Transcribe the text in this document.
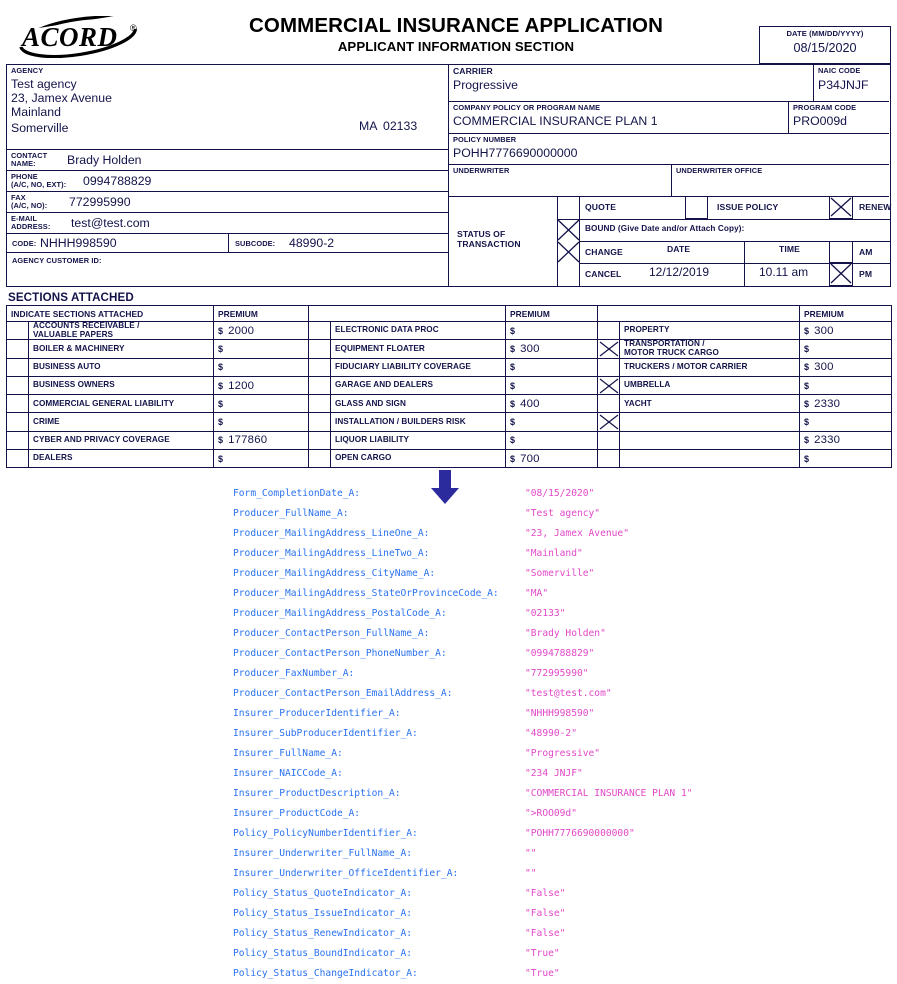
ACORD ®	COMMERCIAL INSURANCE APPLICATION
APPLICANT INFORMATION SECTION
DATE (MM/DD/YYYY)
08/15/2020
AGENCY
Test agency
23, Jamex Avenue
Mainland
Somerville	MA 02133
CONTACT
NAME:	Brady Holden
PHONE
(A/C, NO, EXT):	0994788829
FAX
(A/C, NO):	772995990
E-MAIL
ADDRESS:	test@test.com
CODE: NHHH998590	SUBCODE: 48990-2
AGENCY CUSTOMER ID:
CARRIER
Progressive
NAIC CODE
P34JNJF
COMPANY POLICY OR PROGRAM NAME
COMMERCIAL INSURANCE PLAN 1
PROGRAM CODE
PRO009d
POLICY NUMBER
POHH7776690000000
UNDERWRITER	UNDERWRITER OFFICE
STATUS OF
TRANSACTION
QUOTE	ISSUE POLICY	RENEW
BOUND (Give Date and/or Attach Copy):
CHANGE	DATE	TIME
CANCEL 12/12/2019	10.11 am
AM
PM
SECTIONS ATTACHED
INDICATE SECTIONS ATTACHED		PREMIUM			PREMIUM			PREMIUM

	ACCOUNTS RECEIVABLE /
VALUABLE PAPERS	$ 2000		ELECTRONIC DATA PROC	$		PROPERTY	$ 300
	BOILER & MACHINERY	$		EQUIPMENT FLOATER	$ 300		TRANSPORTATION /
MOTOR TRUCK CARGO	$
	BUSINESS AUTO	$		FIDUCIARY LIABILITY COVERAGE	$		TRUCKERS / MOTOR CARRIER	$ 300
	BUSINESS OWNERS	$ 1200		GARAGE AND DEALERS	$		UMBRELLA	$
	COMMERCIAL GENERAL LIABILITY	$		GLASS AND SIGN	$ 400		YACHT	$ 2330
	CRIME	$		INSTALLATION / BUILDERS RISK	$			$
	CYBER AND PRIVACY COVERAGE	$ 177860		LIQUOR LIABILITY	$			$ 2330
	DEALERS	$		OPEN CARGO	$ 700			$
Form_CompletionDate_A:	"08/15/2020"
Producer_FullName_A:	"Test agency"
Producer_MailingAddress_LineOne_A:	"23, Jamex Avenue"
Producer_MailingAddress_LineTwo_A:	"Mainland"
Producer_MailingAddress_CityName_A:	"Somerville"
Producer_MailingAddress_StateOrProvinceCode_A:	"MA"
Producer_MailingAddress_PostalCode_A:	"02133"
Producer_ContactPerson_FullName_A:	"Brady Holden"
Producer_ContactPerson_PhoneNumber_A:	"0994788829"
Producer_FaxNumber_A:	"772995990"
Producer_ContactPerson_EmailAddress_A:	"test@test.com"
Insurer_ProducerIdentifier_A:	"NHHH998590"
Insurer_SubProducerIdentifier_A:	"48990-2"
Insurer_FullName_A:	"Progressive"
Insurer_NAICCode_A:	"234 JNJF"
Insurer_ProductDescription_A:	"COMMERCIAL INSURANCE PLAN 1"
Insurer_ProductCode_A:	">ROO09d"
Policy_PolicyNumberIdentifier_A:	"POHH7776690000000"
Insurer_Underwriter_FullName_A:	""
Insurer_Underwriter_OfficeIdentifier_A:	""
Policy_Status_QuoteIndicator_A:	"False"
Policy_Status_IssueIndicator_A:	"False"
Policy_Status_RenewIndicator_A:	"False"
Policy_Status_BoundIndicator_A:	"True"
Policy_Status_ChangeIndicator_A:	"True"
